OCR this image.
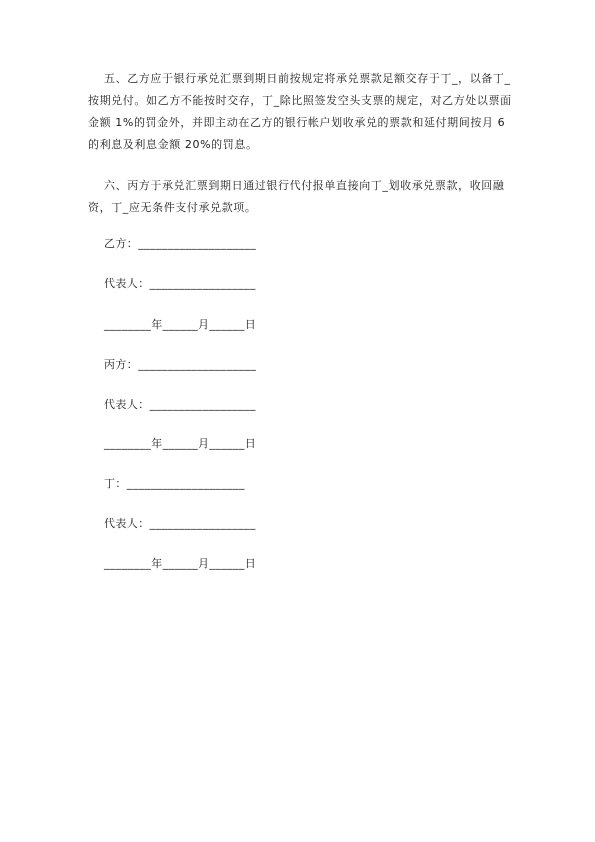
五、乙方应于银行承兑汇票到期日前按规定将承兑票款足额交存于丁_，以备丁_按期兑付。如乙方不能按时交存，丁_除比照签发空头支票的规定，对乙方处以票面金额 1%的罚金外，并即主动在乙方的银行帐户划收承兑的票款和延付期间按月 6 的利息及利息金额 20%的罚息。

六、丙方于承兑汇票到期日通过银行代付报单直接向丁_划收承兑票款，收回融资，丁_应无条件支付承兑款项。

乙方：____________________
代表人：__________________
________年______月______日
丙方：____________________
代表人：__________________
________年______月______日
丁：____________________
代表人：__________________
________年______月______日
